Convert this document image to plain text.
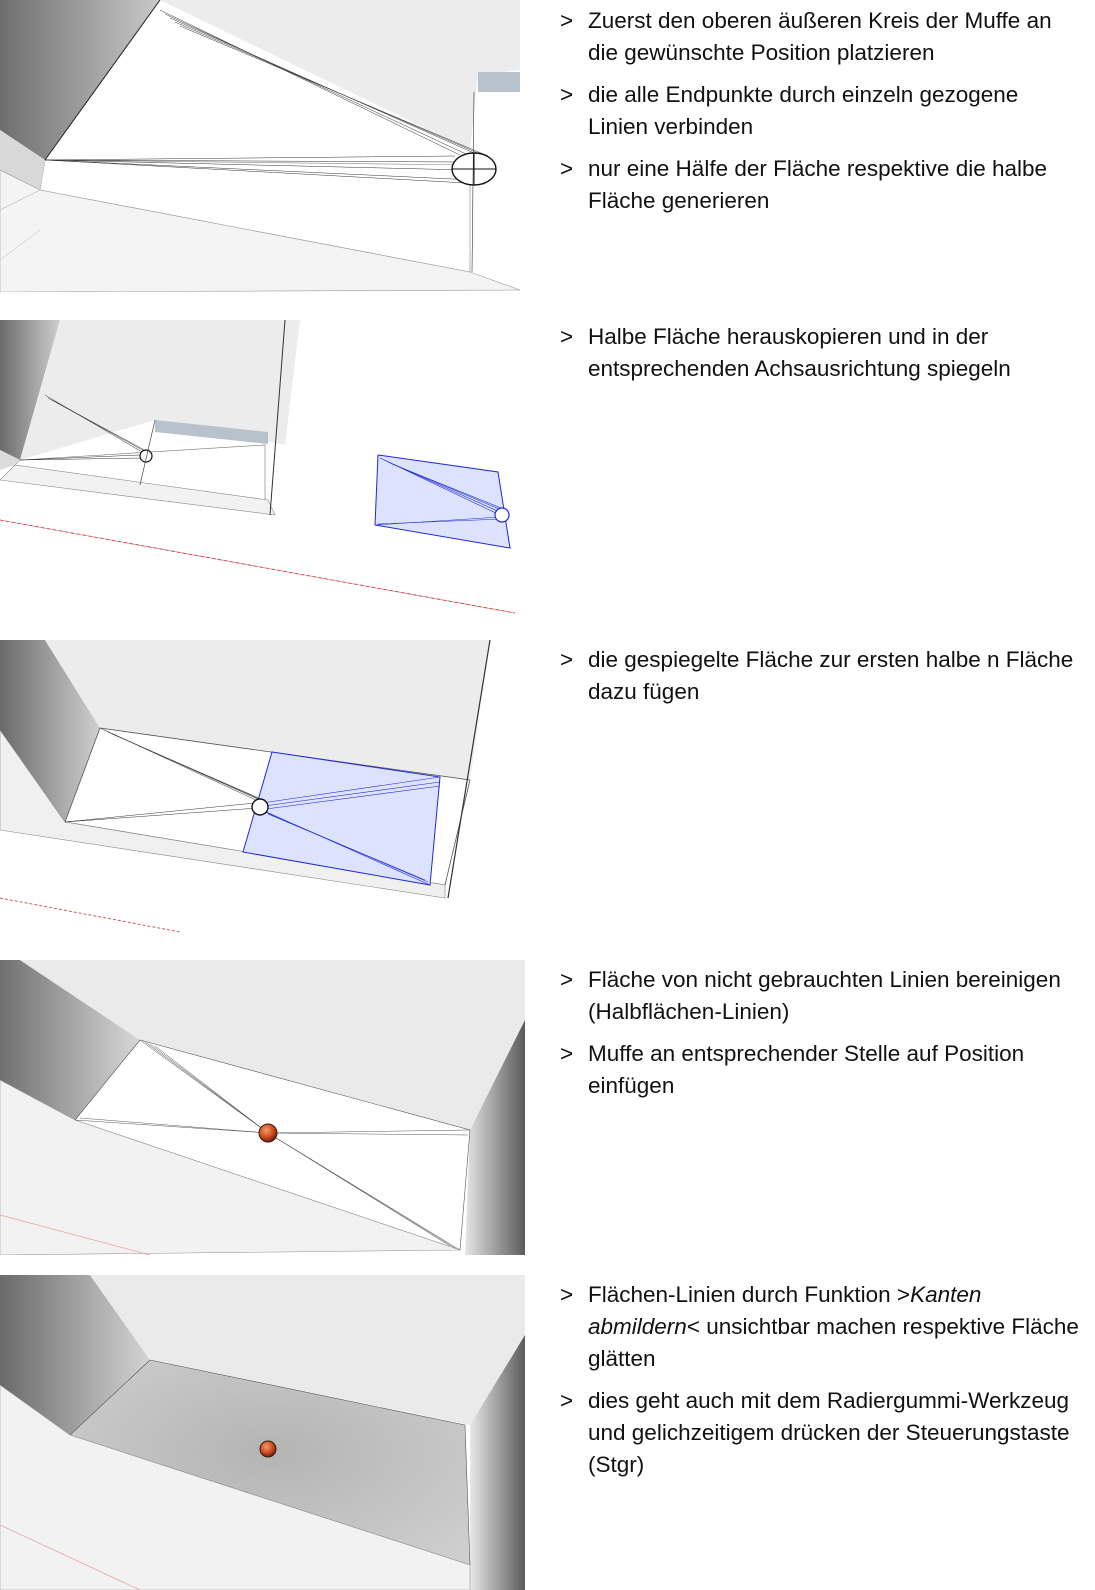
> Zuerst den oberen äußeren Kreis der Muffe an die gewünschte Position platzieren
> die alle Endpunkte durch einzeln gezogene Linien verbinden
> nur eine Hälfe der Fläche respektive die halbe Fläche generieren
> Halbe Fläche herauskopieren und in der entsprechenden Achsausrichtung spiegeln
> die gespiegelte Fläche zur ersten halbe n Fläche dazu fügen
> Fläche von nicht gebrauchten Linien bereinigen (Halbflächen-Linien)
> Muffe an entsprechender Stelle auf Position einfügen
> Flächen-Linien durch Funktion >Kanten abmildern< unsichtbar machen respektive Fläche glätten
> dies geht auch mit dem Radiergummi-Werkzeug und gelichzeitigem drücken der Steuerungstaste (Stgr)
